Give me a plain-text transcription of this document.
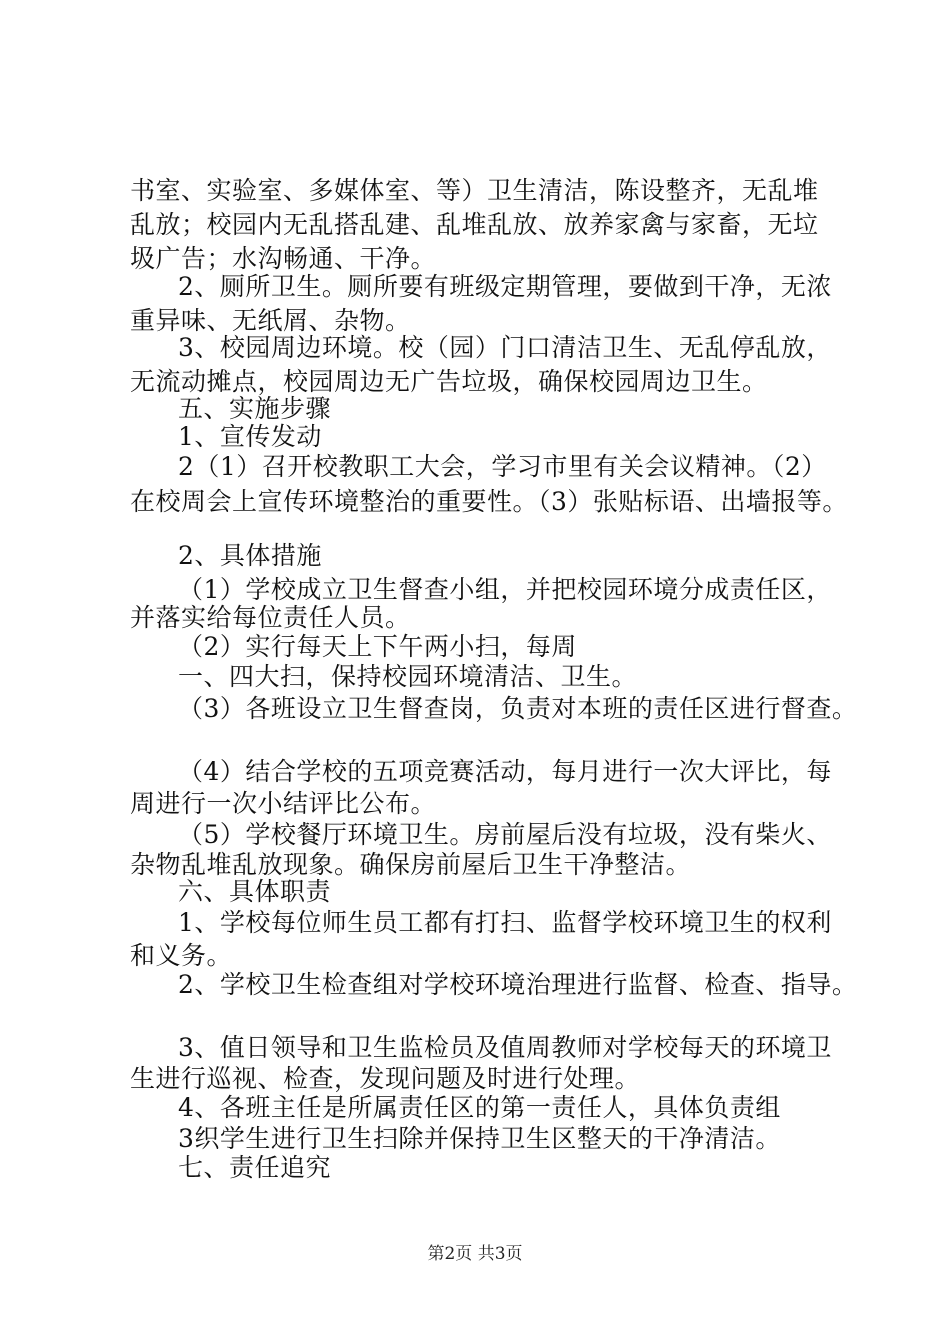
书室、实验室、多媒体室、等）卫生清洁，陈设整齐，无乱堆
乱放；校园内无乱搭乱建、乱堆乱放、放养家禽与家畜，无垃
圾广告；水沟畅通、干净。
2、厕所卫生。厕所要有班级定期管理，要做到干净，无浓
重异味、无纸屑、杂物。
3、校园周边环境。校（园）门口清洁卫生、无乱停乱放，
无流动摊点，校园周边无广告垃圾，确保校园周边卫生。
五、实施步骤
1、宣传发动
2（1）召开校教职工大会，学习市里有关会议精神。（2）
在校周会上宣传环境整治的重要性。（3）张贴标语、出墙报等。
2、具体措施
（1）学校成立卫生督查小组，并把校园环境分成责任区，
并落实给每位责任人员。
（2）实行每天上下午两小扫，每周
一、四大扫，保持校园环境清洁、卫生。
（3）各班设立卫生督查岗，负责对本班的责任区进行督查。
（4）结合学校的五项竞赛活动，每月进行一次大评比，每
周进行一次小结评比公布。
（5）学校餐厅环境卫生。房前屋后没有垃圾，没有柴火、
杂物乱堆乱放现象。确保房前屋后卫生干净整洁。
六、具体职责
1、学校每位师生员工都有打扫、监督学校环境卫生的权利
和义务。
2、学校卫生检查组对学校环境治理进行监督、检查、指导。
3、值日领导和卫生监检员及值周教师对学校每天的环境卫
生进行巡视、检查，发现问题及时进行处理。
4、各班主任是所属责任区的第一责任人，具体负责组
3织学生进行卫生扫除并保持卫生区整天的干净清洁。
七、责任追究
第2页 共3页
